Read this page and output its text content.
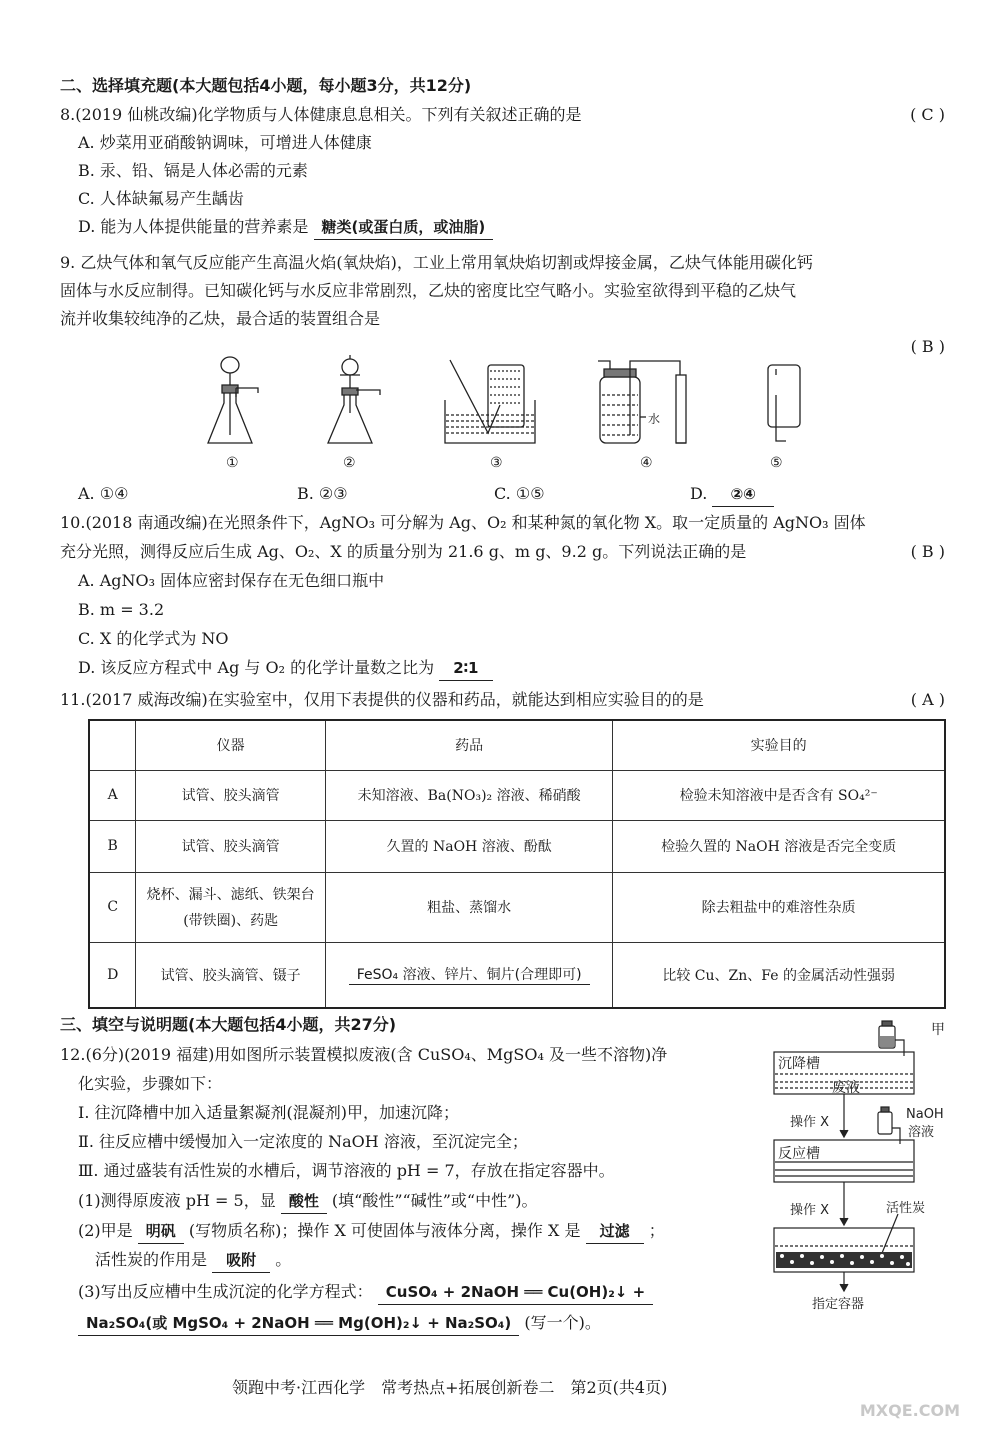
二、选择填充题(本大题包括4小题，每小题3分，共12分)
8.(2019 仙桃改编)化学物质与人体健康息息相关。下列有关叙述正确的是	( C )
A. 炒菜用亚硝酸钠调味，可增进人体健康
B. 汞、铅、镉是人体必需的元素
C. 人体缺氟易产生龋齿
D. 能为人体提供能量的营养素是 糖类(或蛋白质，或油脂)
9. 乙炔气体和氧气反应能产生高温火焰(氧炔焰)，工业上常用氧炔焰切割或焊接金属，乙炔气体能用碳化钙
固体与水反应制得。已知碳化钙与水反应非常剧烈，乙炔的密度比空气略小。实验室欲得到平稳的乙炔气
流并收集较纯净的乙炔，最合适的装置组合是
( B )
水
①	②	③	④	⑤
A. ①④	B. ②③	C. ①⑤	D. ②④
10.(2018 南通改编)在光照条件下，AgNO₃ 可分解为 Ag、O₂ 和某种氮的氧化物 X。取一定质量的 AgNO₃ 固体
充分光照，测得反应后生成 Ag、O₂、X 的质量分别为 21.6 g、m g、9.2 g。下列说法正确的是	( B )
A. AgNO₃ 固体应密封保存在无色细口瓶中
B. m = 3.2
C. X 的化学式为 NO
D. 该反应方程式中 Ag 与 O₂ 的化学计量数之比为 2∶1
11.(2017 威海改编)在实验室中，仅用下表提供的仪器和药品，就能达到相应实验目的的是	( A )
	仪器	药品	实验目的
A	试管、胶头滴管	未知溶液、Ba(NO₃)₂ 溶液、稀硝酸	检验未知溶液中是否含有 SO₄²⁻
B	试管、胶头滴管	久置的 NaOH 溶液、酚酞	检验久置的 NaOH 溶液是否完全变质
C	烧杯、漏斗、滤纸、铁架台
(带铁圈)、药匙	粗盐、蒸馏水	除去粗盐中的难溶性杂质
D	试管、胶头滴管、镊子	FeSO₄ 溶液、锌片、铜片(合理即可)	比较 Cu、Zn、Fe 的金属活动性强弱
三、填空与说明题(本大题包括4小题，共27分)
12.(6分)(2019 福建)用如图所示装置模拟废液(含 CuSO₄、MgSO₄ 及一些不溶物)净
化实验，步骤如下：
Ⅰ. 往沉降槽中加入适量絮凝剂(混凝剂)甲，加速沉降；
Ⅱ. 往反应槽中缓慢加入一定浓度的 NaOH 溶液，至沉淀完全；
Ⅲ. 通过盛装有活性炭的水槽后，调节溶液的 pH = 7，存放在指定容器中。
(1)测得原废液 pH = 5，显 酸性 (填“酸性”“碱性”或“中性”)。
(2)甲是 明矾 (写物质名称)；操作 X 可使固体与液体分离，操作 X 是 过滤 ；
活性炭的作用是 吸附 。
(3)写出反应槽中生成沉淀的化学方程式： CuSO₄ + 2NaOH ══ Cu(OH)₂↓ +
Na₂SO₄(或 MgSO₄ + 2NaOH ══ Mg(OH)₂↓ + Na₂SO₄) (写一个)。
甲
沉降槽
废液
操作 X
NaOH
溶液
反应槽
操作 X	活性炭
指定容器
领跑中考·江西化学　常考热点+拓展创新卷二　第2页(共4页)
MXQE.COM
